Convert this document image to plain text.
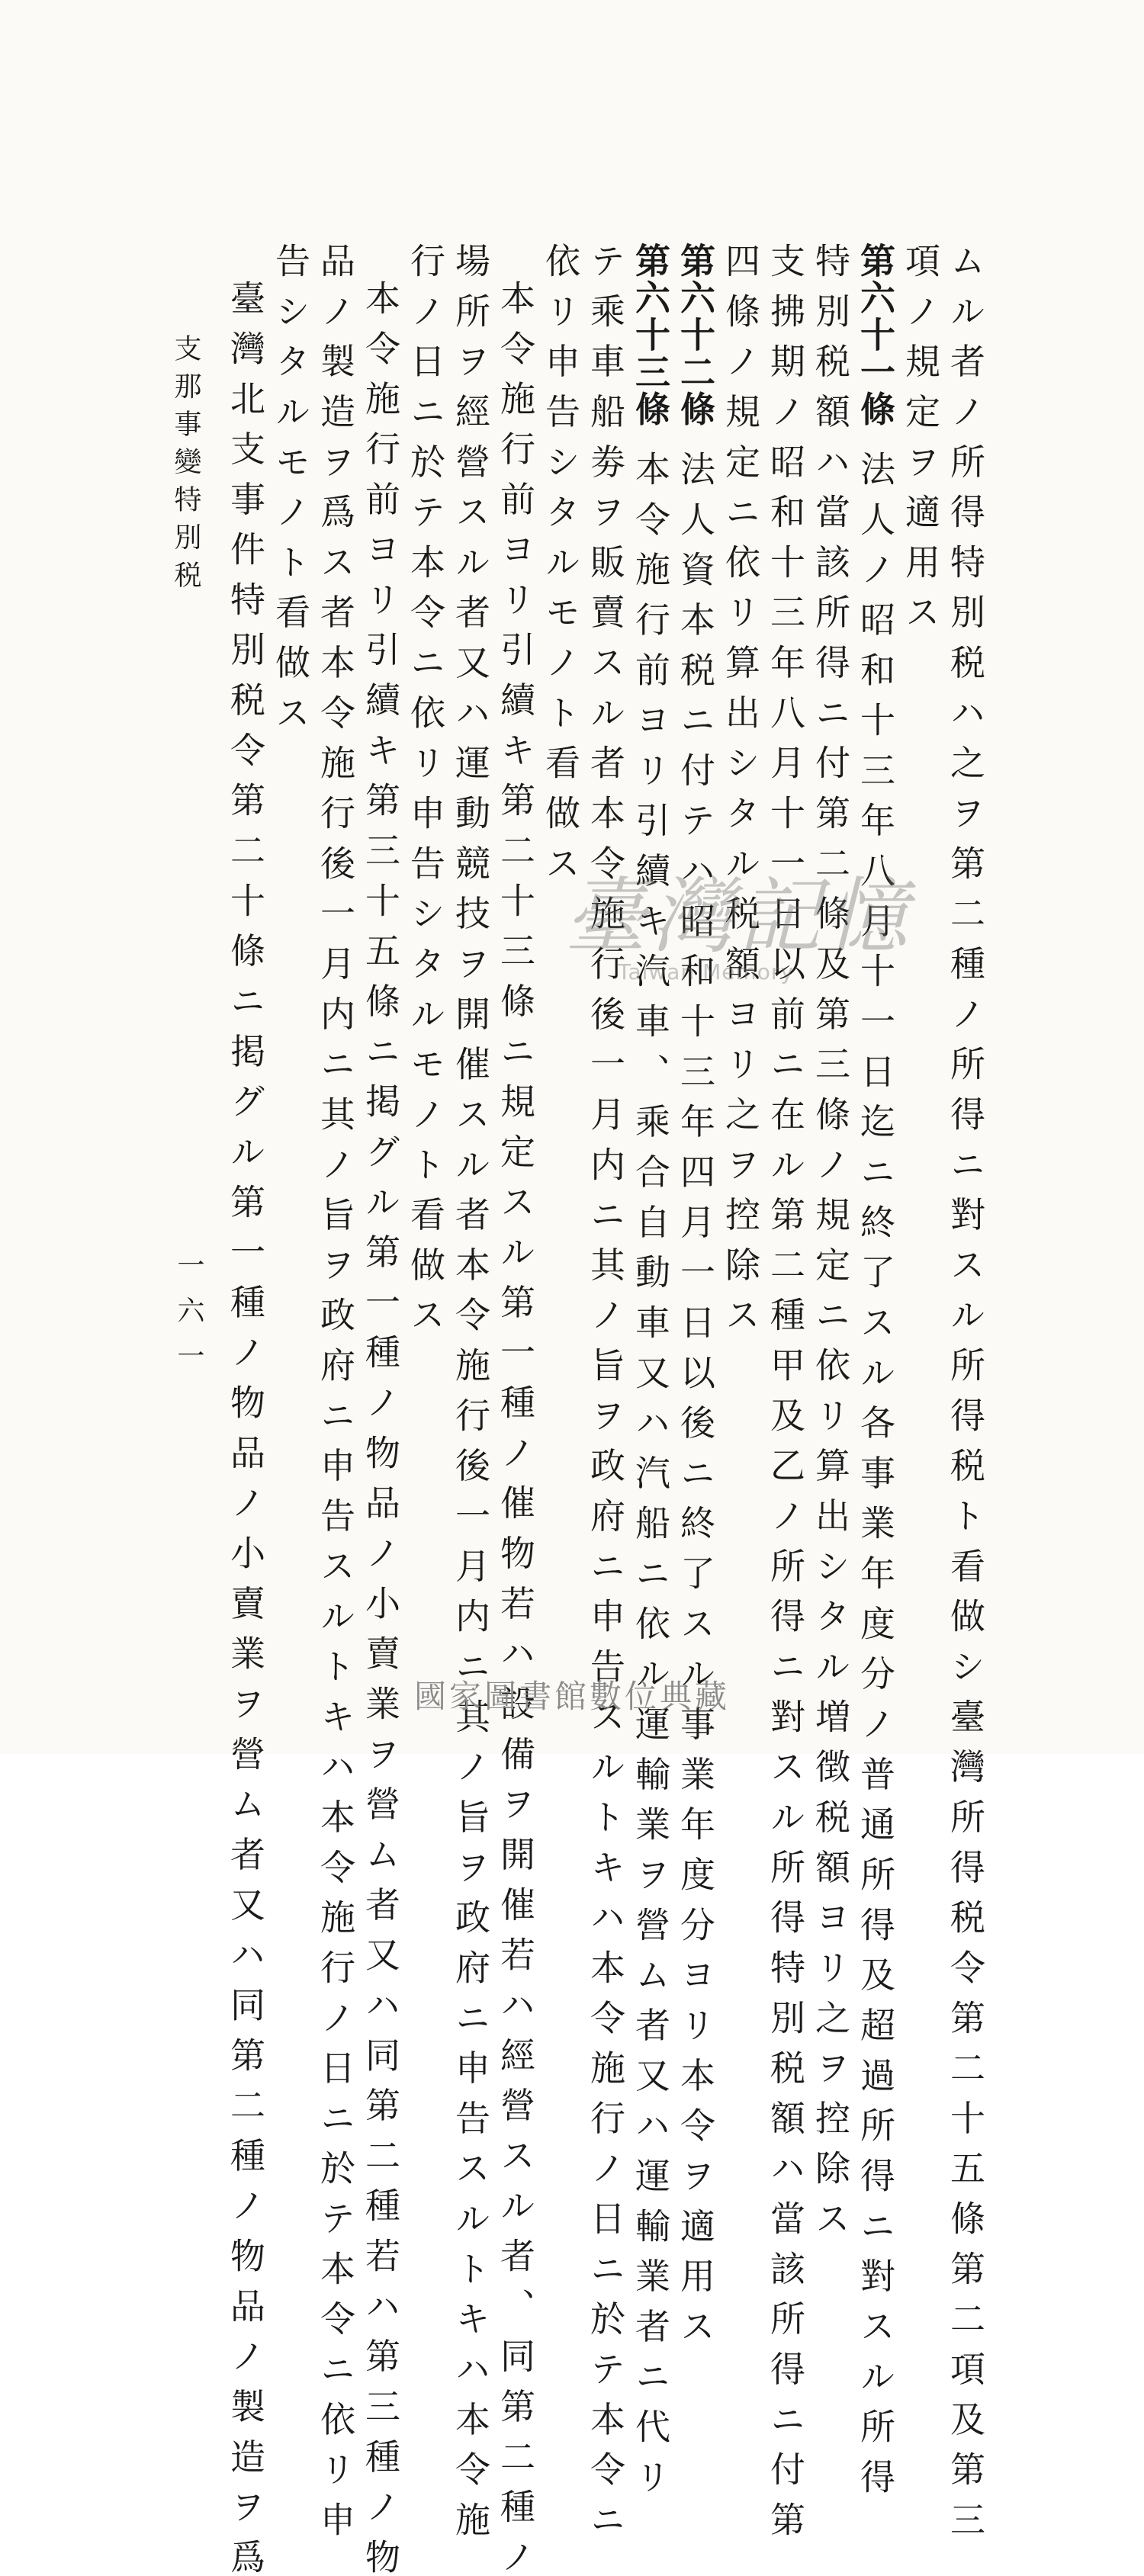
ム ル 者 ノ 所 得 特 別 税 ハ 之 ヲ 第 二 種 ノ 所 得 ニ 對 ス ル 所 得 税 ト 看 做 シ 臺 灣 所 得 税 令 第 二 十 五 條 第 二 項 及 第 三
項 ノ 規 定 ヲ 適 用 ス
第六十一條法 人 ノ 昭 和 十 三 年 八 月 十 一 日 迄 ニ 終 了 ス ル 各 事 業 年 度 分 ノ 普 通 所 得 及 超 過 所 得 ニ 對 ス ル 所 得
特 別 税 額 ハ 當 該 所 得 ニ 付 第 二 條 及 第 三 條 ノ 規 定 ニ 依 リ 算 出 シ タ ル 増 徴 税 額 ヨ リ 之 ヲ 控 除 ス
支 拂 期 ノ 昭 和 十 三 年 八 月 十 一 日 以 前 ニ 在 ル 第 二 種 甲 及 乙 ノ 所 得 ニ 對 ス ル 所 得 特 別 税 額 ハ 當 該 所 得 ニ 付 第
四 條 ノ 規 定 ニ 依 リ 算 出 シ タ ル 税 額 ヨ リ 之 ヲ 控 除 ス
第六十二條法 人 資 本 税 ニ 付 テ ハ 昭 和 十 三 年 四 月 一 日 以 後 ニ 終 了 ス ル 事 業 年 度 分 ヨ リ 本 令 ヲ 適 用 ス
第六十三條本 令 施 行 前 ヨ リ 引 續 キ 汽 車 、 乘 合 自 動 車 又 ハ 汽 船 ニ 依 ル 運 輸 業 ヲ 營 ム 者 又 ハ 運 輸 業 者 ニ 代 リ
テ 乘 車 船 劵 ヲ 販 賣 ス ル 者 本 令 施 行 後 一 月 内 ニ 其 ノ 旨 ヲ 政 府 ニ 申 告 ス ル ト キ ハ 本 令 施 行 ノ 日 ニ 於 テ 本 令 ニ
依 リ 申 告 シ タ ル モ ノ ト 看 做 ス
本 令 施 行 前 ヨ リ 引 續 キ 第 二 十 三 條 ニ 規 定 ス ル 第 一 種 ノ 催 物 若 ハ 設 備 ヲ 開 催 若 ハ 經 營 ス ル 者 、 同 第 二 種 ノ
場 所 ヲ 經 營 ス ル 者 又 ハ 運 動 競 技 ヲ 開 催 ス ル 者 本 令 施 行 後 一 月 内 ニ 其 ノ 旨 ヲ 政 府 ニ 申 告 ス ル ト キ ハ 本 令 施
行 ノ 日 ニ 於 テ 本 令 ニ 依 リ 申 告 シ タ ル モ ノ ト 看 做 ス
本 令 施 行 前 ヨ リ 引 續 キ 第 三 十 五 條 ニ 掲 グ ル 第 一 種 ノ 物 品 ノ 小 賣 業 ヲ 營 ム 者 又 ハ 同 第 二 種 若 ハ 第 三 種 ノ 物
品 ノ 製 造 ヲ 爲 ス 者 本 令 施 行 後 一 月 内 ニ 其 ノ 旨 ヲ 政 府 ニ 申 告 ス ル ト キ ハ 本 令 施 行 ノ 日 ニ 於 テ 本 令 ニ 依 リ 申
告 シ タ ル モ ノ ト 看 做 ス
臺 灣 北 支 事 件 特 別 税 令 第 二 十 條 ニ 掲 グ ル 第 一 種 ノ 物 品 ノ 小 賣 業 ヲ 營 ム 者 又 ハ 同 第 二 種 ノ 物 品 ノ 製 造 ヲ 爲
支 那 事 變 特 別 税
一 六 一
臺灣記憶
Taiwan Memory
國家圖書館數位典藏
